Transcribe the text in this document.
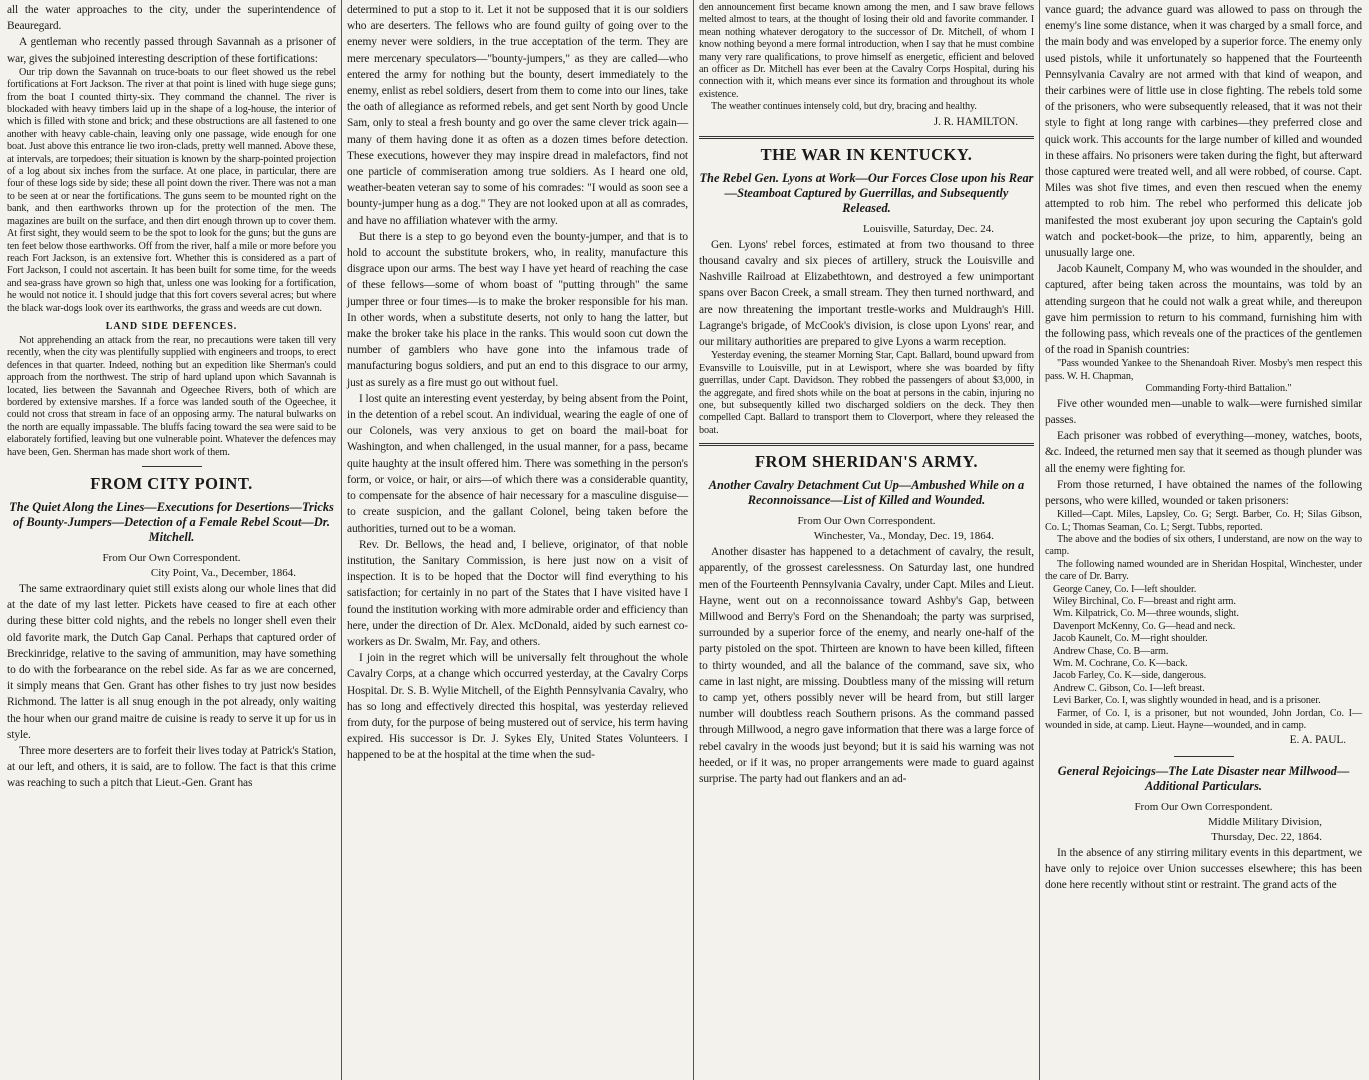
all the water approaches to the city, under the superintendence of Beauregard.

A gentleman who recently passed through Savannah as a prisoner of war, gives the subjoined interesting description of these fortifications:

Our trip down the Savannah on truce-boats to our fleet showed us the rebel fortifications at Fort Jackson. The river at that point is lined with huge siege guns; from the boat I counted thirty-six. They command the channel. The river is blockaded with heavy timbers laid up in the shape of a log-house, the interior of which is filled with stone and brick; and these obstructions are all fastened to one another with heavy cable-chain, leaving only one passage, wide enough for one boat. Just above this entrance lie two iron-clads, pretty well manned. Above these, at intervals, are torpedoes; their situation is known by the sharp-pointed projection of a log about six inches from the surface. At one place, in particular, there are four of these logs side by side; these all point down the river. There was not a man to be seen at or near the fortifications. The guns seem to be mounted right on the bank, and then earthworks thrown up for the protection of the men. The magazines are built on the surface, and then dirt enough thrown up to cover them. At first sight, they would seem to be the spot to look for the guns; but the guns are ten feet below those earthworks. Off from the river, half a mile or more before you reach Fort Jackson, is an extensive fort. Whether this is considered as a part of Fort Jackson, I could not ascertain. It has been built for some time, for the weeds and sea-grass have grown so high that, unless one was looking for a fortification, he would not notice it. I should judge that this fort covers several acres; but where the black war-dogs look over its earthworks, the grass and weeds are cut down.

LAND SIDE DEFENCES.

Not apprehending an attack from the rear, no precautions were taken till very recently, when the city was plentifully supplied with engineers and troops, to erect defences in that quarter. Indeed, nothing but an expedition like Sherman's could approach from the northwest. The strip of hard upland upon which Savannah is located, lies between the Savannah and Ogeechee Rivers, both of which are bordered by extensive marshes. If a force was landed south of the Ogeechee, it could not cross that stream in face of an opposing army. The natural bulwarks on the north are equally impassable. The bluffs facing toward the sea were said to be elaborately fortified, leaving but one vulnerable point. Whatever the defences may have been, Gen. Sherman has made short work of them.

FROM CITY POINT.
The Quiet Along the Lines—Executions for Desertions—Tricks of Bounty-Jumpers—Detection of a Female Rebel Scout—Dr. Mitchell.
From Our Own Correspondent.
City Point, Va., December, 1864.

The same extraordinary quiet still exists along our whole lines that did at the date of my last letter. Pickets have ceased to fire at each other during these bitter cold nights, and the rebels no longer shell even their old favorite mark, the Dutch Gap Canal. Perhaps that captured order of Breckinridge, relative to the saving of ammunition, may have something to do with the forbearance on the rebel side. As far as we are concerned, it simply means that Gen. Grant has other fishes to try just now besides Richmond. The latter is all snug enough in the pot already, only waiting the hour when our grand maitre de cuisine is ready to serve it up for us in style.

Three more deserters are to forfeit their lives today at Patrick's Station, at our left, and others, it is said, are to follow. The fact is that this crime was reaching to such a pitch that Lieut.-Gen. Grant has

determined to put a stop to it. Let it not be supposed that it is our soldiers who are deserters. The fellows who are found guilty of going over to the enemy never were soldiers, in the true acceptation of the term. They are mere mercenary speculators—"bounty-jumpers," as they are called—who entered the army for nothing but the bounty, desert immediately to the enemy, enlist as rebel soldiers, desert from them to come into our lines, take the oath of allegiance as reformed rebels, and get sent North by good Uncle Sam, only to steal a fresh bounty and go over the same clever trick again—many of them having done it as often as a dozen times before detection. These executions, however they may inspire dread in malefactors, find not one particle of commiseration among true soldiers. As I heard one old, weather-beaten veteran say to some of his comrades: "I would as soon see a bounty-jumper hung as a dog." They are not looked upon at all as comrades, and have no affiliation whatever with the army.

But there is a step to go beyond even the bounty-jumper, and that is to hold to account the substitute brokers, who, in reality, manufacture this disgrace upon our arms. The best way I have yet heard of reaching the case of these fellows—some of whom boast of "putting through" the same jumper three or four times—is to make the broker responsible for his man. In other words, when a substitute deserts, not only to hang the latter, but make the broker take his place in the ranks. This would soon cut down the number of gamblers who have gone into the infamous trade of manufacturing bogus soldiers, and put an end to this disgrace to our army, just as surely as a fire must go out without fuel.

I lost quite an interesting event yesterday, by being absent from the Point, in the detention of a rebel scout. An individual, wearing the eagle of one of our Colonels, was very anxious to get on board the mail-boat for Washington, and when challenged, in the usual manner, for a pass, became quite haughty at the insult offered him. There was something in the person's form, or voice, or hair, or airs—of which there was a considerable quantity, to compensate for the absence of hair necessary for a masculine disguise—to create suspicion, and the gallant Colonel, being taken before the authorities, turned out to be a woman.

Rev. Dr. Bellows, the head and, I believe, originator, of that noble institution, the Sanitary Commission, is here just now on a visit of inspection. It is to be hoped that the Doctor will find everything to his satisfaction; for certainly in no part of the States that I have visited have I found the institution working with more admirable order and efficiency than here, under the direction of Dr. Alex. McDonald, aided by such earnest co-workers as Dr. Swalm, Mr. Fay, and others.

I join in the regret which will be universally felt throughout the whole Cavalry Corps, at a change which occurred yesterday, at the Cavalry Corps Hospital. Dr. S. B. Wylie Mitchell, of the Eighth Pennsylvania Cavalry, who has so long and effectively directed this hospital, was yesterday relieved from duty, for the purpose of being mustered out of service, his term having expired. His successor is Dr. J. Sykes Ely, United States Volunteers. I happened to be at the hospital at the time when the sud-

den announcement first became known among the men, and I saw brave fellows melted almost to tears, at the thought of losing their old and favorite commander. I mean nothing whatever derogatory to the successor of Dr. Mitchell, of whom I know nothing beyond a mere formal introduction, when I say that he must combine many very rare qualifications, to prove himself as energetic, efficient and beloved an officer as Dr. Mitchell has ever been at the Cavalry Corps Hospital, during his connection with it, which means ever since its formation and throughout its whole existence.

The weather continues intensely cold, but dry, bracing and healthy.

J. R. HAMILTON.

THE WAR IN KENTUCKY.
The Rebel Gen. Lyons at Work—Our Forces Close upon his Rear—Steamboat Captured by Guerrillas, and Subsequently Released.
Louisville, Saturday, Dec. 24.

Gen. Lyons' rebel forces, estimated at from two thousand to three thousand cavalry and six pieces of artillery, struck the Louisville and Nashville Railroad at Elizabethtown, and destroyed a few unimportant spans over Bacon Creek, a small stream. They then turned northward, and are now threatening the important trestle-works and Muldraugh's Hill. Lagrange's brigade, of McCook's division, is close upon Lyons' rear, and our military authorities are prepared to give Lyons a warm reception.

Yesterday evening, the steamer Morning Star, Capt. Ballard, bound upward from Evansville to Louisville, put in at Lewisport, where she was boarded by fifty guerrillas, under Capt. Davidson. They robbed the passengers of about $3,000, in the aggregate, and fired shots while on the boat at persons in the cabin, injuring no one, but subsequently killed two discharged soldiers on the deck. They then compelled Capt. Ballard to transport them to Cloverport, where they released the boat.

FROM SHERIDAN'S ARMY.
Another Cavalry Detachment Cut Up—Ambushed While on a Reconnoissance—List of Killed and Wounded.
From Our Own Correspondent.
Winchester, Va., Monday, Dec. 19, 1864.

Another disaster has happened to a detachment of cavalry, the result, apparently, of the grossest carelessness. On Saturday last, one hundred men of the Fourteenth Pennsylvania Cavalry, under Capt. Miles and Lieut. Hayne, went out on a reconnoissance toward Ashby's Gap, between Millwood and Berry's Ford on the Shenandoah; the party was surprised, surrounded by a superior force of the enemy, and nearly one-half of the party pistoled on the spot. Thirteen are known to have been killed, fifteen to thirty wounded, and all the balance of the command, save six, who came in last night, are missing. Doubtless many of the missing will return to camp yet, others possibly never will be heard from, but still larger number will doubtless reach Southern prisons. As the command passed through Millwood, a negro gave information that there was a large force of rebel cavalry in the woods just beyond; but it is said his warning was not heeded, or if it was, no proper arrangements were made to guard against surprise. The party had out flankers and an ad-

vance guard; the advance guard was allowed to pass on through the enemy's line some distance, when it was charged by a small force, and the main body and was enveloped by a superior force. The enemy only used pistols, while it unfortunately so happened that the Fourteenth Pennsylvania Cavalry are not armed with that kind of weapon, and their carbines were of little use in close fighting. The rebels told some of the prisoners, who were subsequently released, that it was not their style to fight at long range with carbines—they preferred close and quick work. This accounts for the large number of killed and wounded in these affairs. No prisoners were taken during the fight, but afterward those captured were treated well, and all were robbed, of course. Capt. Miles was shot five times, and even then rescued when the enemy attempted to rob him. The rebel who performed this delicate job manifested the most exuberant joy upon securing the Captain's gold watch and pocket-book—the prize, to him, apparently, being an unusually large one.

Jacob Kaunelt, Company M, who was wounded in the shoulder, and captured, after being taken across the mountains, was told by an attending surgeon that he could not walk a great while, and thereupon gave him permission to return to his command, furnishing him with the following pass, which reveals one of the practices of the gentlemen of the road in Spanish countries:

"Pass wounded Yankee to the Shenandoah River. Mosby's men respect this pass. W. H. Chapman,

Commanding Forty-third Battalion."

Five other wounded men—unable to walk—were furnished similar passes.

Each prisoner was robbed of everything—money, watches, boots, &c. Indeed, the returned men say that it seemed as though plunder was all the enemy were fighting for.

From those returned, I have obtained the names of the following persons, who were killed, wounded or taken prisoners:

Killed—Capt. Miles, Lapsley, Co. G; Sergt. Barber, Co. H; Silas Gibson, Co. L; Thomas Seaman, Co. L; Sergt. Tubbs, reported.

The above and the bodies of six others, I understand, are now on the way to camp.

The following named wounded are in Sheridan Hospital, Winchester, under the care of Dr. Barry.

George Caney, Co. I—left shoulder.

Wiley Birchinal, Co. F—breast and right arm.

Wm. Kilpatrick, Co. M—three wounds, slight.

Davenport McKenny, Co. G—head and neck.

Jacob Kaunelt, Co. M—right shoulder.

Andrew Chase, Co. B—arm.

Wm. M. Cochrane, Co. K—back.

Jacob Farley, Co. K—side, dangerous.

Andrew C. Gibson, Co. I—left breast.

Levi Barker, Co. I, was slightly wounded in head, and is a prisoner.

Farmer, of Co. I, is a prisoner, but not wounded, John Jordan, Co. I—wounded in side, at camp. Lieut. Hayne—wounded, and in camp.

E. A. PAUL.

General Rejoicings—The Late Disaster near Millwood—Additional Particulars.
From Our Own Correspondent.
Middle Military Division,
Thursday, Dec. 22, 1864.

In the absence of any stirring military events in this department, we have only to rejoice over Union successes elsewhere; this has been done here recently without stint or restraint. The grand acts of the
